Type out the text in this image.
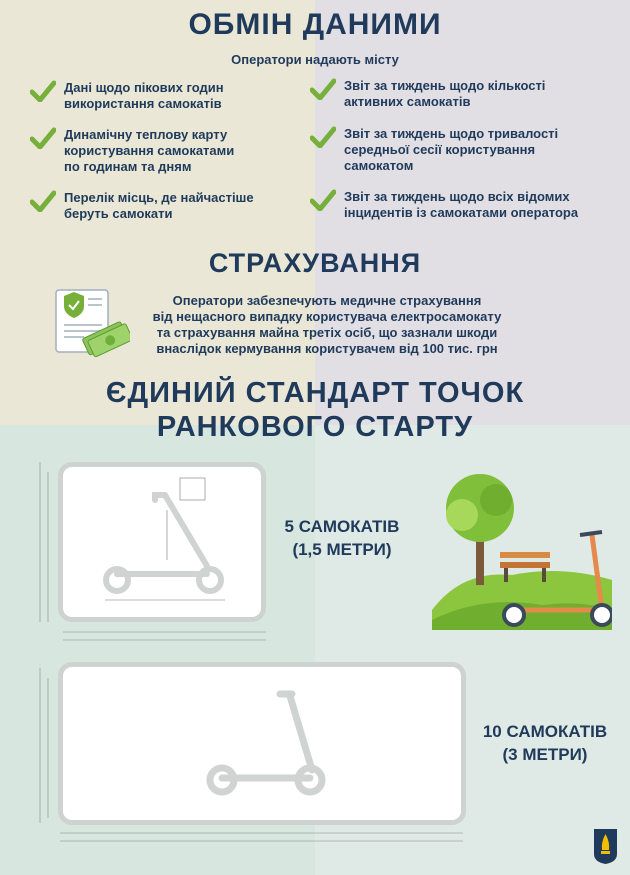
ОБМІН ДАНИМИ
Оператори надають місту
Дані щодо пікових годин
використання самокатів
Динамічну теплову карту
користування самокатами
по годинам та дням
Перелік місць, де найчастіше
беруть самокати
Звіт за тиждень щодо кількості
активних самокатів
Звіт за тиждень щодо тривалості
середньої сесії користування
самокатом
Звіт за тиждень щодо всіх відомих
інцидентів із самокатами оператора
СТРАХУВАННЯ
Оператори забезпечують медичне страхування
від нещасного випадку користувача електросамокату
та страхування майна третіх осіб, що зазнали шкоди
внаслідок кермування користувачем від 100 тис. грн
ЄДИНИЙ СТАНДАРТ ТОЧОК
РАНКОВОГО СТАРТУ
5 САМОКАТІВ
(1,5 МЕТРИ)
10 САМОКАТІВ
(3 МЕТРИ)
